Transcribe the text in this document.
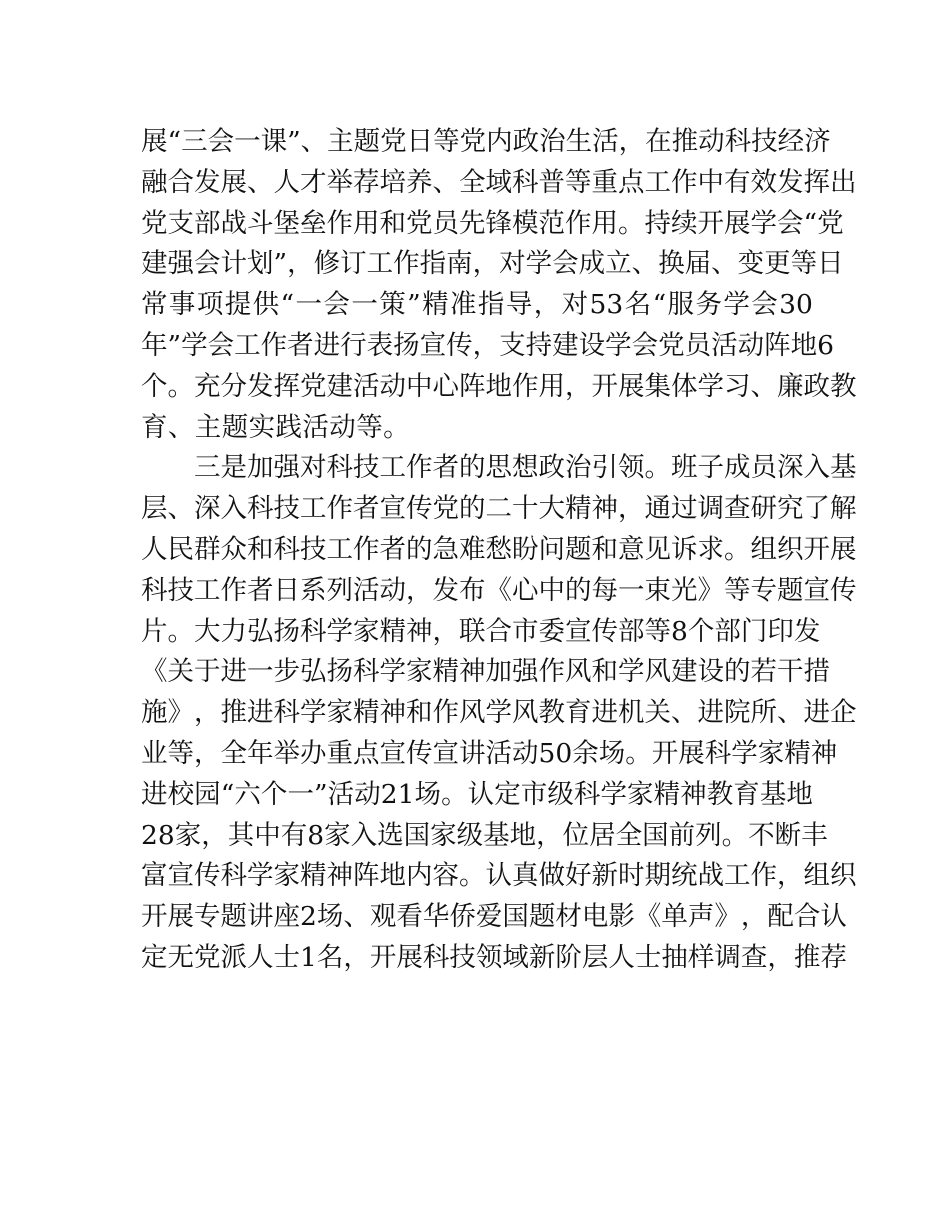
展 “ 三 会 一 课 ” 、 主 题 党 日 等 党 内 政 治 生 活 ， 在 推 动 科 技 经 济
融 合 发 展 、 人 才 举 荐 培 养 、 全 域 科 普 等 重 点 工 作 中 有 效 发 挥 出
党 支 部 战 斗 堡 垒 作 用 和 党 员 先 锋 模 范 作 用 。 持 续 开 展 学 会 “ 党
建 强 会 计 划 ” ， 修 订 工 作 指 南 ， 对 学 会 成 立 、 换 届 、 变 更 等 日
常 事 项 提 供 “ 一 会 一 策 ” 精 准 指 导 ， 对 53 名 “ 服 务 学 会 30
年 ” 学 会 工 作 者 进 行 表 扬 宣 传 ， 支 持 建 设 学 会 党 员 活 动 阵 地 6
个 。 充 分 发 挥 党 建 活 动 中 心 阵 地 作 用 ， 开 展 集 体 学 习 、 廉 政 教
育、主题实践活动等。

三 是 加 强 对 科 技 工 作 者 的 思 想 政 治 引 领 。 班 子 成 员 深 入 基
层 、 深 入 科 技 工 作 者 宣 传 党 的 二 十 大 精 神 ， 通 过 调 查 研 究 了 解
人 民 群 众 和 科 技 工 作 者 的 急 难 愁 盼 问 题 和 意 见 诉 求 。 组 织 开 展
科 技 工 作 者 日 系 列 活 动 ， 发 布 《 心 中 的 每 一 束 光 》 等 专 题 宣 传
片 。 大 力 弘 扬 科 学 家 精 神 ， 联 合 市 委 宣 传 部 等 8 个 部 门 印 发
《 关 于 进 一 步 弘 扬 科 学 家 精 神 加 强 作 风 和 学 风 建 设 的 若 干 措
施 》 ， 推 进 科 学 家 精 神 和 作 风 学 风 教 育 进 机 关 、 进 院 所 、 进 企
业 等 ， 全 年 举 办 重 点 宣 传 宣 讲 活 动 50 余 场 。 开 展 科 学 家 精 神
进 校 园 “ 六 个 一 ” 活 动 21 场 。 认 定 市 级 科 学 家 精 神 教 育 基 地
28 家 ， 其 中 有 8 家 入 选 国 家 级 基 地 ， 位 居 全 国 前 列 。 不 断 丰
富 宣 传 科 学 家 精 神 阵 地 内 容 。 认 真 做 好 新 时 期 统 战 工 作 ， 组 织
开 展 专 题 讲 座 2 场 、 观 看 华 侨 爱 国 题 材 电 影 《 单 声 》 ， 配 合 认
定 无 党 派 人 士 1 名 ， 开 展 科 技 领 域 新 阶 层 人 士 抽 样 调 查 ， 推 荐
